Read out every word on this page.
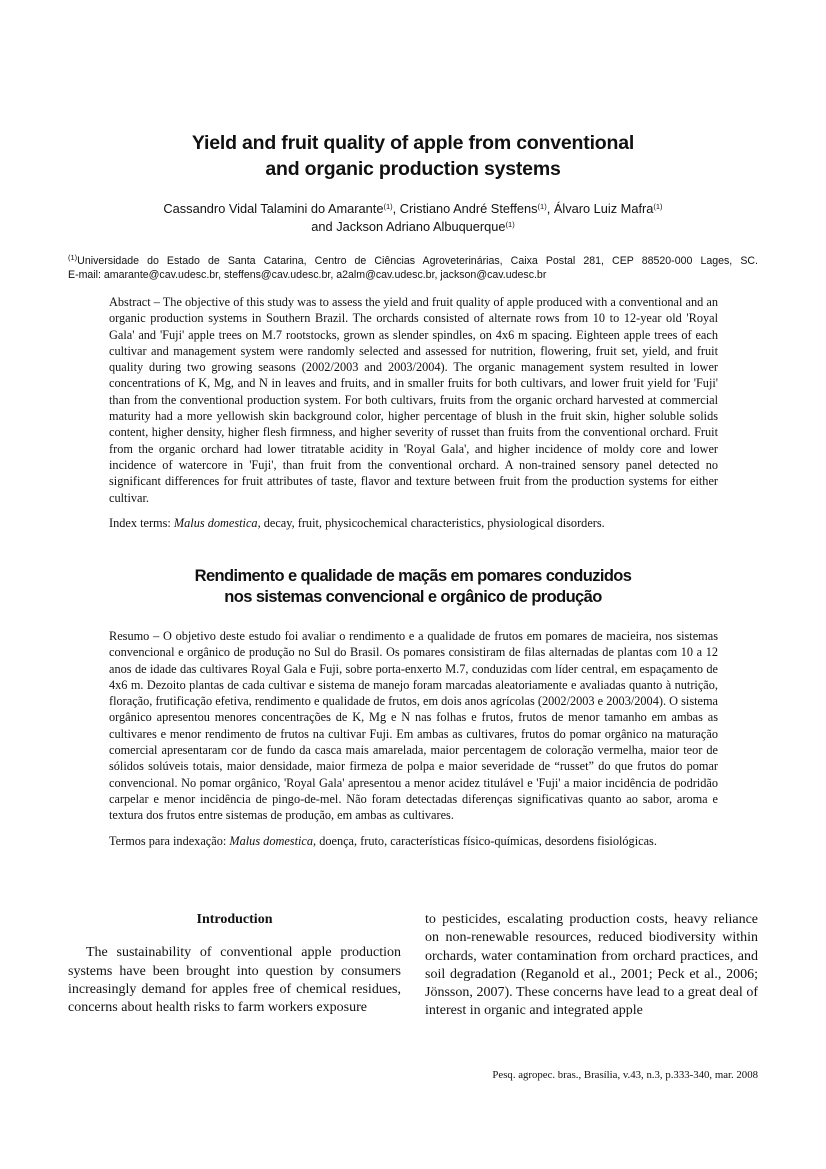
Yield and fruit quality of apple from conventional
and organic production systems
Cassandro Vidal Talamini do Amarante$^{(1)}$, Cristiano André Steffens$^{(1)}$, Álvaro Luiz Mafra$^{(1)}$
and Jackson Adriano Albuquerque$^{(1)}$
$^{(1)}$Universidade do Estado de Santa Catarina, Centro de Ciências Agroveterinárias, Caixa Postal 281, CEP 88520-000 Lages, SC.
E-mail: amarante@cav.udesc.br, steffens@cav.udesc.br, a2alm@cav.udesc.br, jackson@cav.udesc.br

Abstract – The objective of this study was to assess the yield and fruit quality of apple produced with a conventional and an organic production systems in Southern Brazil. The orchards consisted of alternate rows from 10 to 12-year old 'Royal Gala' and 'Fuji' apple trees on M.7 rootstocks, grown as slender spindles, on 4x6 m spacing. Eighteen apple trees of each cultivar and management system were randomly selected and assessed for nutrition, flowering, fruit set, yield, and fruit quality during two growing seasons (2002/2003 and 2003/2004). The organic management system resulted in lower concentrations of K, Mg, and N in leaves and fruits, and in smaller fruits for both cultivars, and lower fruit yield for 'Fuji' than from the conventional production system. For both cultivars, fruits from the organic orchard harvested at commercial maturity had a more yellowish skin background color, higher percentage of blush in the fruit skin, higher soluble solids content, higher density, higher flesh firmness, and higher severity of russet than fruits from the conventional orchard. Fruit from the organic orchard had lower titratable acidity in 'Royal Gala', and higher incidence of moldy core and lower incidence of watercore in 'Fuji', than fruit from the conventional orchard. A non-trained sensory panel detected no significant differences for fruit attributes of taste, flavor and texture between fruit from the production systems for either cultivar.

Index terms: Malus domestica, decay, fruit, physicochemical characteristics, physiological disorders.

Rendimento e qualidade de maçãs em pomares conduzidos
nos sistemas convencional e orgânico de produção

Resumo – O objetivo deste estudo foi avaliar o rendimento e a qualidade de frutos em pomares de macieira, nos sistemas convencional e orgânico de produção no Sul do Brasil. Os pomares consistiram de filas alternadas de plantas com 10 a 12 anos de idade das cultivares Royal Gala e Fuji, sobre porta-enxerto M.7, conduzidas com líder central, em espaçamento de 4x6 m. Dezoito plantas de cada cultivar e sistema de manejo foram marcadas aleatoriamente e avaliadas quanto à nutrição, floração, frutificação efetiva, rendimento e qualidade de frutos, em dois anos agrícolas (2002/2003 e 2003/2004). O sistema orgânico apresentou menores concentrações de K, Mg e N nas folhas e frutos, frutos de menor tamanho em ambas as cultivares e menor rendimento de frutos na cultivar Fuji. Em ambas as cultivares, frutos do pomar orgânico na maturação comercial apresentaram cor de fundo da casca mais amarelada, maior percentagem de coloração vermelha, maior teor de sólidos solúveis totais, maior densidade, maior firmeza de polpa e maior severidade de “russet” do que frutos do pomar convencional. No pomar orgânico, 'Royal Gala' apresentou a menor acidez titulável e 'Fuji' a maior incidência de podridão carpelar e menor incidência de pingo-de-mel. Não foram detectadas diferenças significativas quanto ao sabor, aroma e textura dos frutos entre sistemas de produção, em ambas as cultivares.

Termos para indexação: Malus domestica, doença, fruto, características físico-químicas, desordens fisiológicas.

Introduction

The sustainability of conventional apple production systems have been brought into question by consumers increasingly demand for apples free of chemical residues, concerns about health risks to farm workers exposure

to pesticides, escalating production costs, heavy reliance on non-renewable resources, reduced biodiversity within orchards, water contamination from orchard practices, and soil degradation (Reganold et al., 2001; Peck et al., 2006; Jönsson, 2007). These concerns have lead to a great deal of interest in organic and integrated apple

Pesq. agropec. bras., Brasília, v.43, n.3, p.333-340, mar. 2008
